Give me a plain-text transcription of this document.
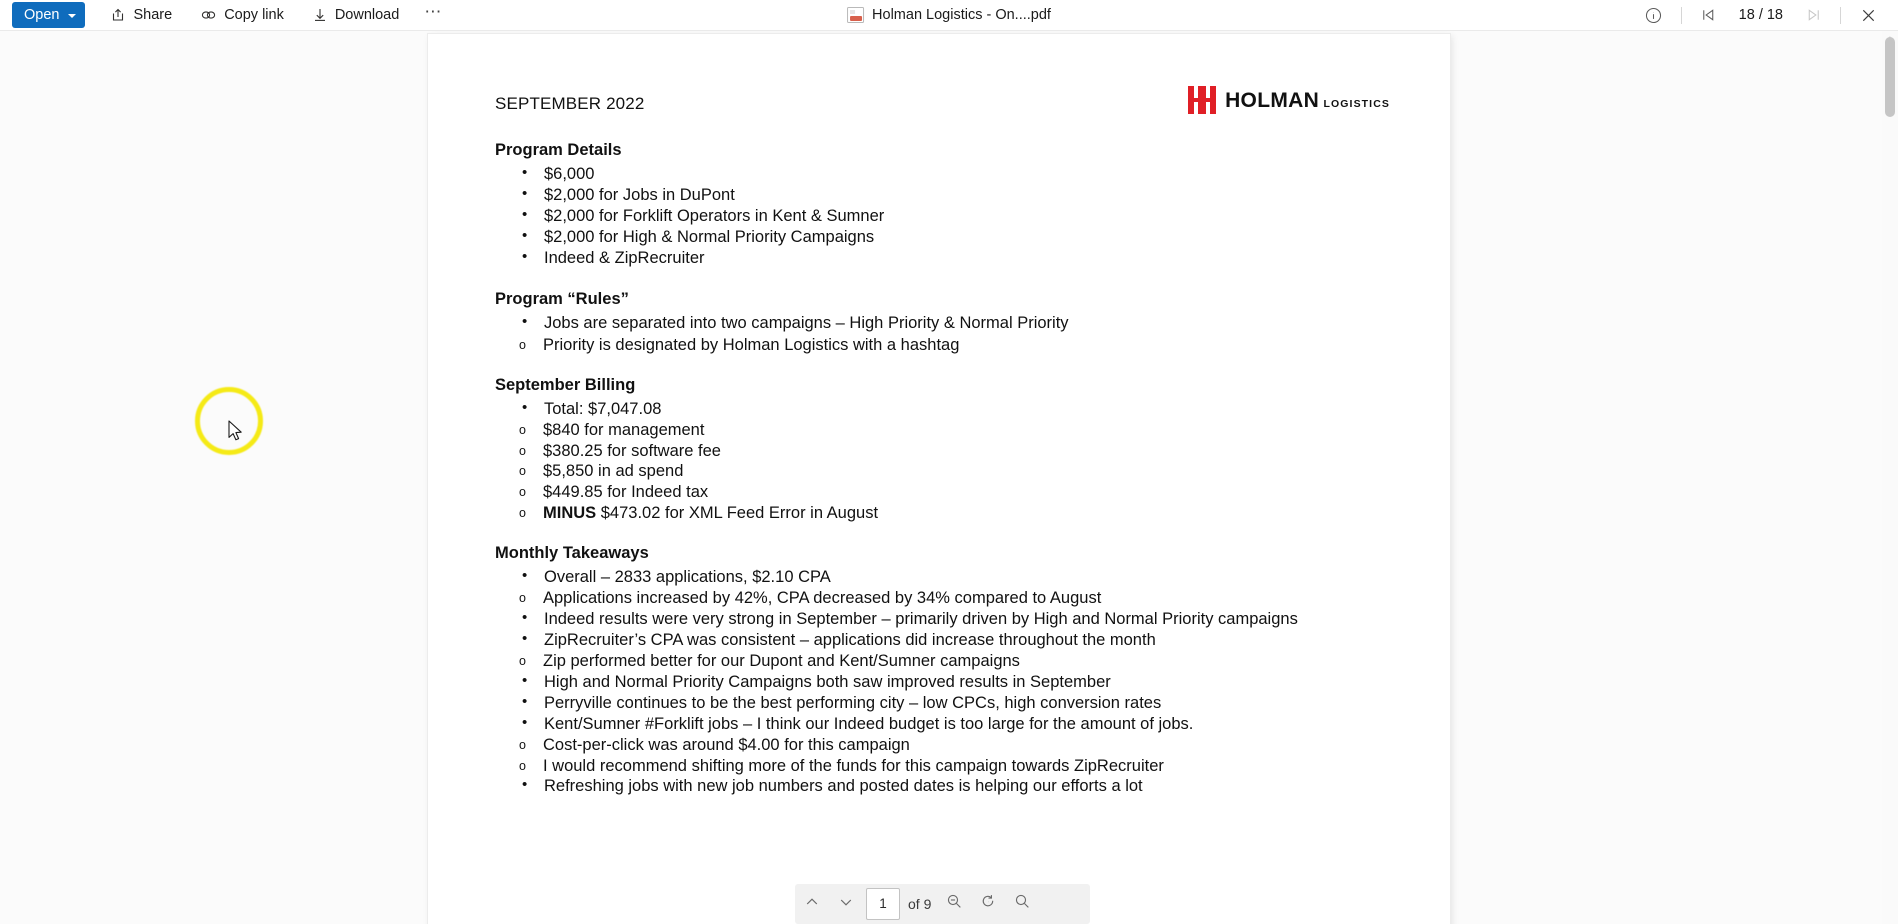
Open	Share	Copy link	Download ⋯	Holman Logistics - On....pdf	18 / 18
HOLMAN LOGISTICS
SEPTEMBER 2022
Program Details
• $6,000
• $2,000 for Jobs in DuPont
• $2,000 for Forklift Operators in Kent & Sumner
• $2,000 for High & Normal Priority Campaigns
• Indeed & ZipRecruiter
Program “Rules”
• Jobs are separated into two campaigns – High Priority & Normal Priority
o Priority is designated by Holman Logistics with a hashtag
September Billing
• Total: $7,047.08
o $840 for management
o $380.25 for software fee
o $5,850 in ad spend
o $449.85 for Indeed tax
o MINUS $473.02 for XML Feed Error in August
Monthly Takeaways
• Overall – 2833 applications, $2.10 CPA
o Applications increased by 42%, CPA decreased by 34% compared to August
• Indeed results were very strong in September – primarily driven by High and Normal Priority campaigns
• ZipRecruiter’s CPA was consistent – applications did increase throughout the month
o Zip performed better for our Dupont and Kent/Sumner campaigns
• High and Normal Priority Campaigns both saw improved results in September
• Perryville continues to be the best performing city – low CPCs, high conversion rates
• Kent/Sumner #Forklift jobs – I think our Indeed budget is too large for the amount of jobs.
o Cost-per-click was around $4.00 for this campaign
o I would recommend shifting more of the funds for this campaign towards ZipRecruiter
• Refreshing jobs with new job numbers and posted dates is helping our efforts a lot
1	of 9
